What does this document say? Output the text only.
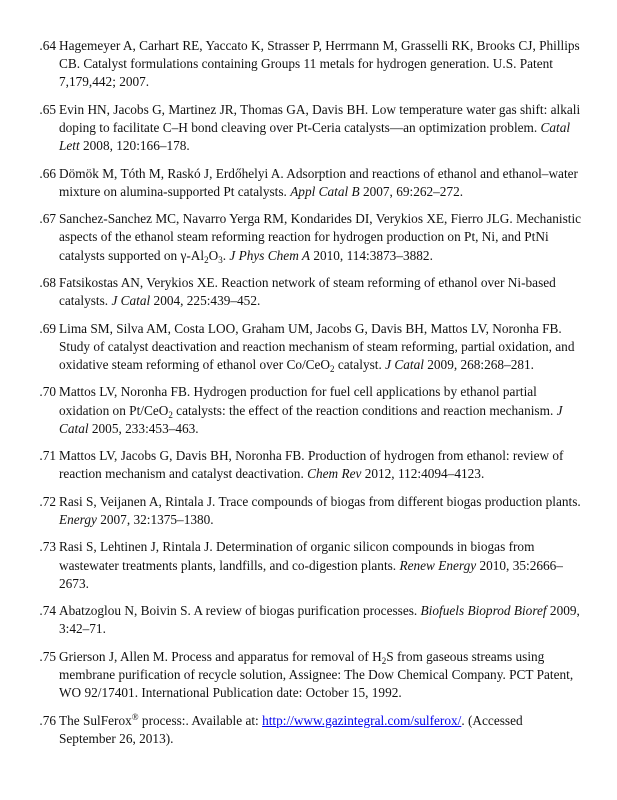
64. Hagemeyer A, Carhart RE, Yaccato K, Strasser P, Herrmann M, Grasselli RK, Brooks CJ, Phillips CB. Catalyst formulations containing Groups 11 metals for hydrogen generation. U.S. Patent 7,179,442; 2007.
65. Evin HN, Jacobs G, Martinez JR, Thomas GA, Davis BH. Low temperature water gas shift: alkali doping to facilitate C–H bond cleaving over Pt-Ceria catalysts—an optimization problem. Catal Lett 2008, 120:166–178.
66. Dömök M, Tóth M, Raskó J, Erdőhelyi A. Adsorption and reactions of ethanol and ethanol–water mixture on alumina-supported Pt catalysts. Appl Catal B 2007, 69:262–272.
67. Sanchez-Sanchez MC, Navarro Yerga RM, Kondarides DI, Verykios XE, Fierro JLG. Mechanistic aspects of the ethanol steam reforming reaction for hydrogen production on Pt, Ni, and PtNi catalysts supported on $\gamma-Al_2O_3$. J Phys Chem A 2010, 114:3873–3882.
68. Fatsikostas AN, Verykios XE. Reaction network of steam reforming of ethanol over Ni-based catalysts. J Catal 2004, 225:439–452.
69. Lima SM, Silva AM, Costa LOO, Graham UM, Jacobs G, Davis BH, Mattos LV, Noronha FB. Study of catalyst deactivation and reaction mechanism of steam reforming, partial oxidation, and oxidative steam reforming of ethanol over Co/CeO$_2$ catalyst. J Catal 2009, 268:268–281.
70. Mattos LV, Noronha FB. Hydrogen production for fuel cell applications by ethanol partial oxidation on Pt/CeO$_2$ catalysts: the effect of the reaction conditions and reaction mechanism. J Catal 2005, 233:453–463.
71. Mattos LV, Jacobs G, Davis BH, Noronha FB. Production of hydrogen from ethanol: review of reaction mechanism and catalyst deactivation. Chem Rev 2012, 112:4094–4123.
72. Rasi S, Veijanen A, Rintala J. Trace compounds of biogas from different biogas production plants. Energy 2007, 32:1375–1380.
73. Rasi S, Lehtinen J, Rintala J. Determination of organic silicon compounds in biogas from wastewater treatments plants, landfills, and co-digestion plants. Renew Energy 2010, 35:2666–2673.
74. Abatzoglou N, Boivin S. A review of biogas purification processes. Biofuels Bioprod Bioref 2009, 3:42–71.
75. Grierson J, Allen M. Process and apparatus for removal of $H_2S$ from gaseous streams using membrane purification of recycle solution, Assignee: The Dow Chemical Company. PCT Patent, WO 92/17401. International Publication date: October 15, 1992.
76. The SulFerox® process:. Available at: http://www.gazintegral.com/sulferox/. (Accessed September 26, 2013).
